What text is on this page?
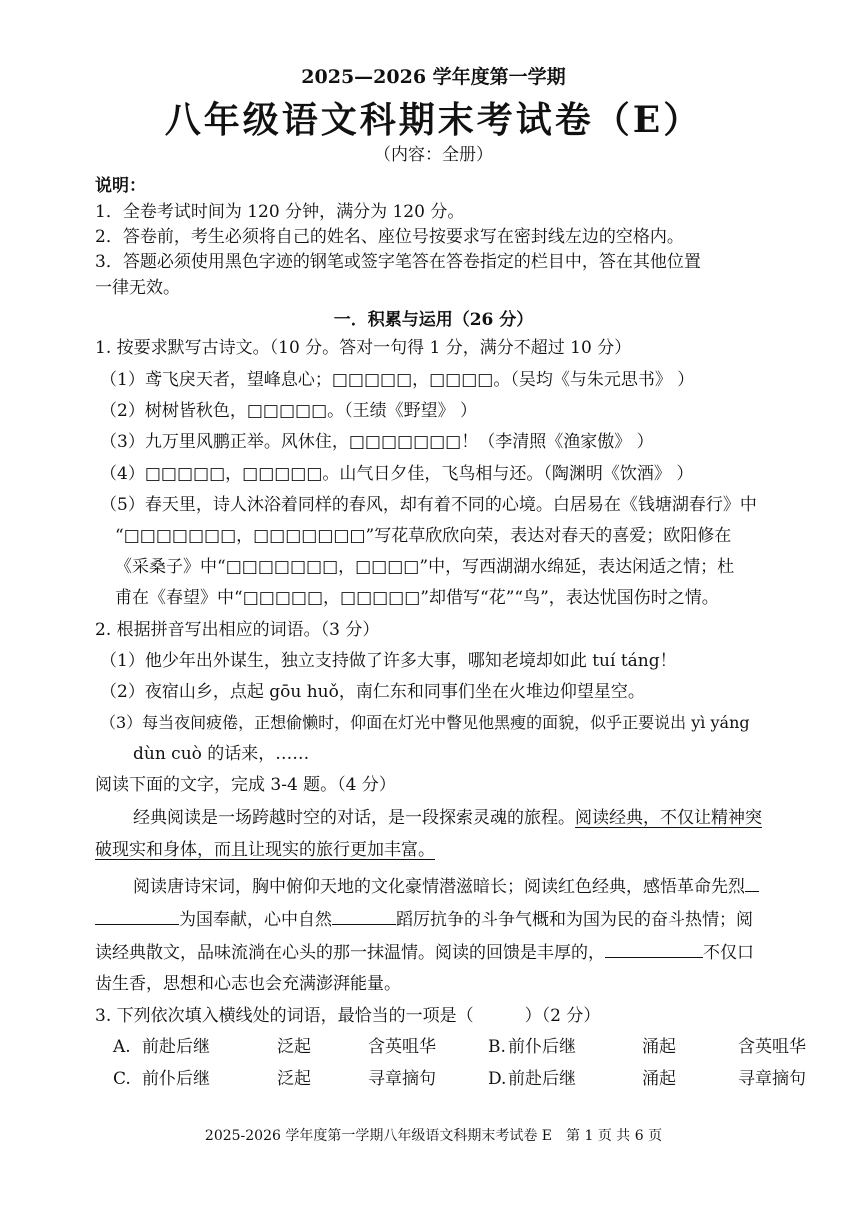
2025—2026 学年度第一学期
八年级语文科期末考试卷（E）
（内容：全册）
说明：
1．全卷考试时间为 120 分钟，满分为 120 分。
2．答卷前，考生必须将自己的姓名、座位号按要求写在密封线左边的空格内。
3．答题必须使用黑色字迹的钢笔或签字笔答在答卷指定的栏目中，答在其他位置
一律无效。
一．积累与运用（26 分）
1. 按要求默写古诗文。（10 分。答对一句得 1 分，满分不超过 10 分）
（1）鸢飞戾天者，望峰息心；□□□□□，□□□□。（吴均《与朱元思书》 ）
（2）树树皆秋色，□□□□□。（王绩《野望》 ）
（3）九万里风鹏正举。风休住，□□□□□□□！（李清照《渔家傲》 ）
（4）□□□□□，□□□□□。山气日夕佳，飞鸟相与还。（陶渊明《饮酒》 ）
（5）春天里，诗人沐浴着同样的春风，却有着不同的心境。白居易在《钱塘湖春行》中
“□□□□□□□，□□□□□□□”写花草欣欣向荣，表达对春天的喜爱；欧阳修在
《采桑子》中“□□□□□□□，□□□□”中，写西湖湖水绵延，表达闲适之情；杜
甫在《春望》中“□□□□□，□□□□□”却借写“花”“鸟”，表达忧国伤时之情。
2. 根据拼音写出相应的词语。（3 分）
（1）他少年出外谋生，独立支持做了许多大事，哪知老境却如此 tuí táng！
（2）夜宿山乡，点起 gōu huǒ，南仁东和同事们坐在火堆边仰望星空。
（3）每当夜间疲倦，正想偷懒时，仰面在灯光中瞥见他黑瘦的面貌，似乎正要说出 yì yáng
dùn cuò 的话来，……
阅读下面的文字，完成 3-4 题。（4 分）
经典阅读是一场跨越时空的对话，是一段探索灵魂的旅程。阅读经典，不仅让精神突
破现实和身体，而且让现实的旅行更加丰富。
阅读唐诗宋词，胸中俯仰天地的文化豪情潜滋暗长；阅读红色经典，感悟革命先烈
为国奉献，心中自然	蹈厉抗争的斗争气概和为国为民的奋斗热情；阅
读经典散文，品味流淌在心头的那一抹温情。阅读的回馈是丰厚的，	不仅口
齿生香，思想和心志也会充满澎湃能量。
3. 下列依次填入横线处的词语，最恰当的一项是（　　　）（2 分）
A. 前赴后继	泛起	含英咀华	B. 前仆后继	涌起	含英咀华
C. 前仆后继	泛起	寻章摘句	D. 前赴后继	涌起	寻章摘句
2025-2026 学年度第一学期八年级语文科期末考试卷 E　第 1 页 共 6 页
